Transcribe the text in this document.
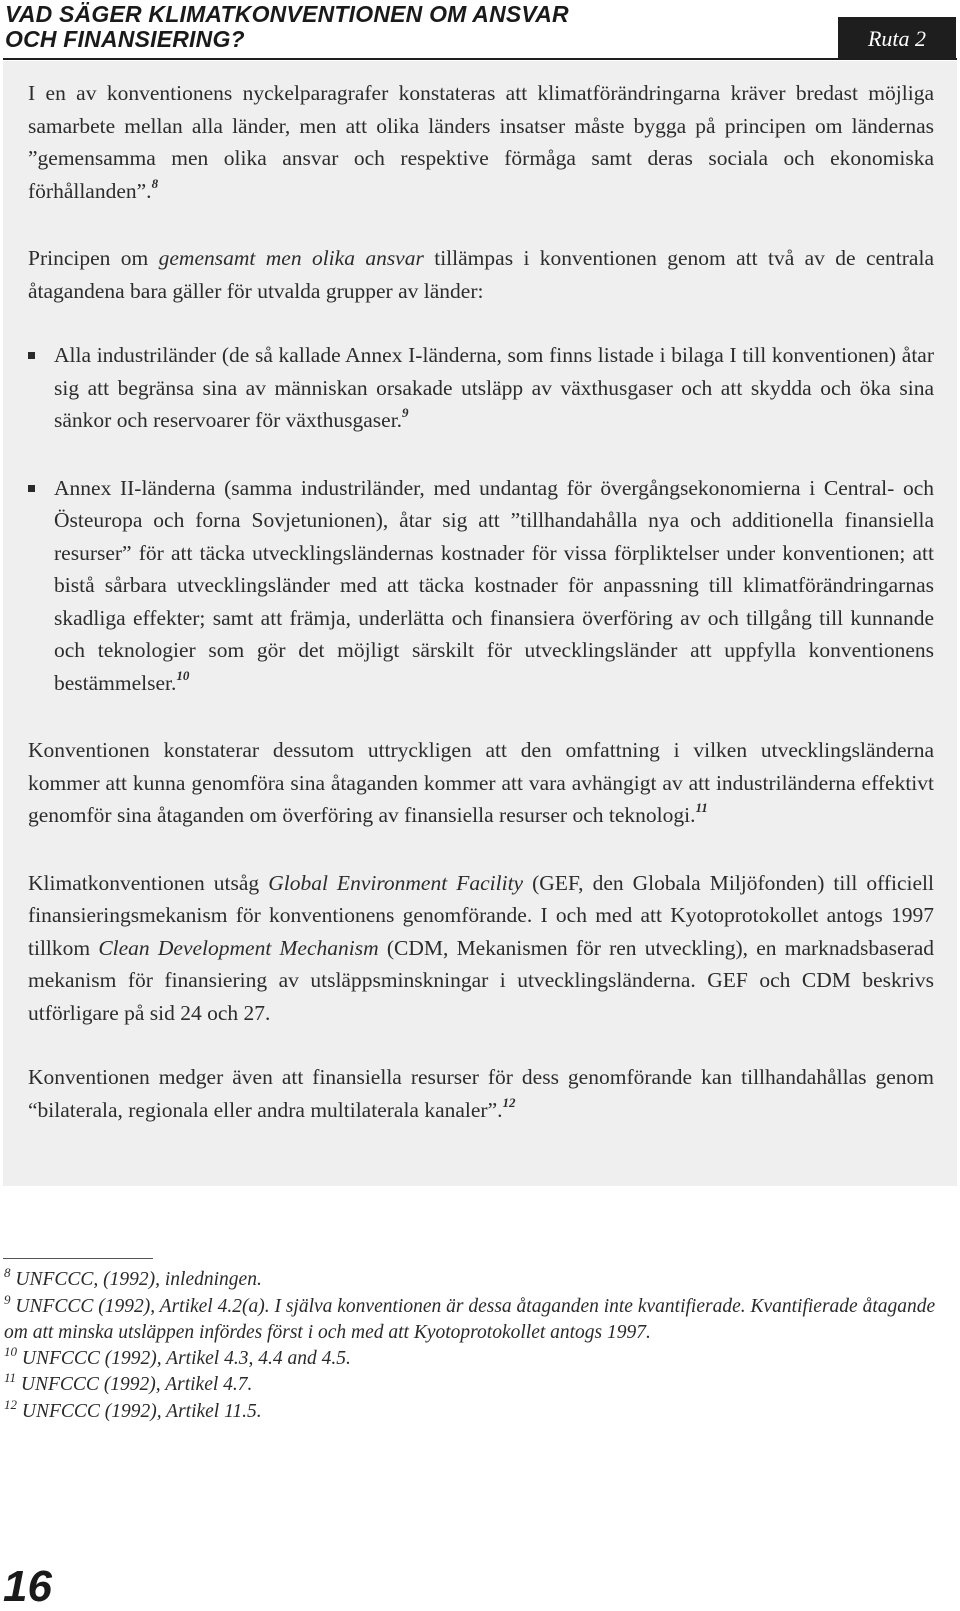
VAD SÄGER KLIMATKONVENTIONEN OM ANSVAR
OCH FINANSIERING?	Ruta 2

I en av konventionens nyckelparagrafer konstateras att klimatförändringarna kräver bredast möjliga samarbete mellan alla länder, men att olika länders insatser måste bygga på principen om ländernas ”gemensamma men olika ansvar och respektive förmåga samt deras sociala och ekonomiska förhållanden”.$^8$

Principen om gemensamt men olika ansvar tillämpas i konventionen genom att två av de centrala åtagandena bara gäller för utvalda grupper av länder:

Alla industriländer (de så kallade Annex I-länderna, som finns listade i bilaga I till konventionen) åtar sig att begränsa sina av människan orsakade utsläpp av växthusgaser och att skydda och öka sina sänkor och reservoarer för växthusgaser.$^9$
Annex II-länderna (samma industriländer, med undantag för övergångsekonomierna i Central- och Östeuropa och forna Sovjetunionen), åtar sig att ”tillhandahålla nya och additionella finansiella resurser” för att täcka utvecklingsländernas kostnader för vissa förpliktelser under konventionen; att bistå sårbara utvecklingsländer med att täcka kostnader för anpassning till klimatförändringarnas skadliga effekter; samt att främja, underlätta och finansiera överföring av och tillgång till kunnande och teknologier som gör det möjligt särskilt för utvecklingsländer att uppfylla konventionens bestämmelser.$^{10}$

Konventionen konstaterar dessutom uttryckligen att den omfattning i vilken utvecklingsländerna kommer att kunna genomföra sina åtaganden kommer att vara avhängigt av att industriländerna effektivt genomför sina åtaganden om överföring av finansiella resurser och teknologi.$^{11}$

Klimatkonventionen utsåg Global Environment Facility (GEF, den Globala Miljöfonden) till officiell finansieringsmekanism för konventionens genomförande. I och med att Kyotoprotokollet antogs 1997 tillkom Clean Development Mechanism (CDM, Mekanismen för ren utveckling), en marknadsbaserad mekanism för finansiering av utsläppsminskningar i utvecklingsländerna. GEF och CDM beskrivs utförligare på sid 24 och 27.

Konventionen medger även att finansiella resurser för dess genomförande kan tillhandahållas genom “bilaterala, regionala eller andra multilaterala kanaler”.$^{12}$

$^8$ UNFCCC, (1992), inledningen.
$^9$ UNFCCC (1992), Artikel 4.2(a). I själva konventionen är dessa åtaganden inte kvantifierade. Kvantifierade åtagande om att minska utsläppen infördes först i och med att Kyotoprotokollet antogs 1997.
$^{10}$ UNFCCC (1992), Artikel 4.3, 4.4 and 4.5.
$^{11}$ UNFCCC (1992), Artikel 4.7.
$^{12}$ UNFCCC (1992), Artikel 11.5.
16
